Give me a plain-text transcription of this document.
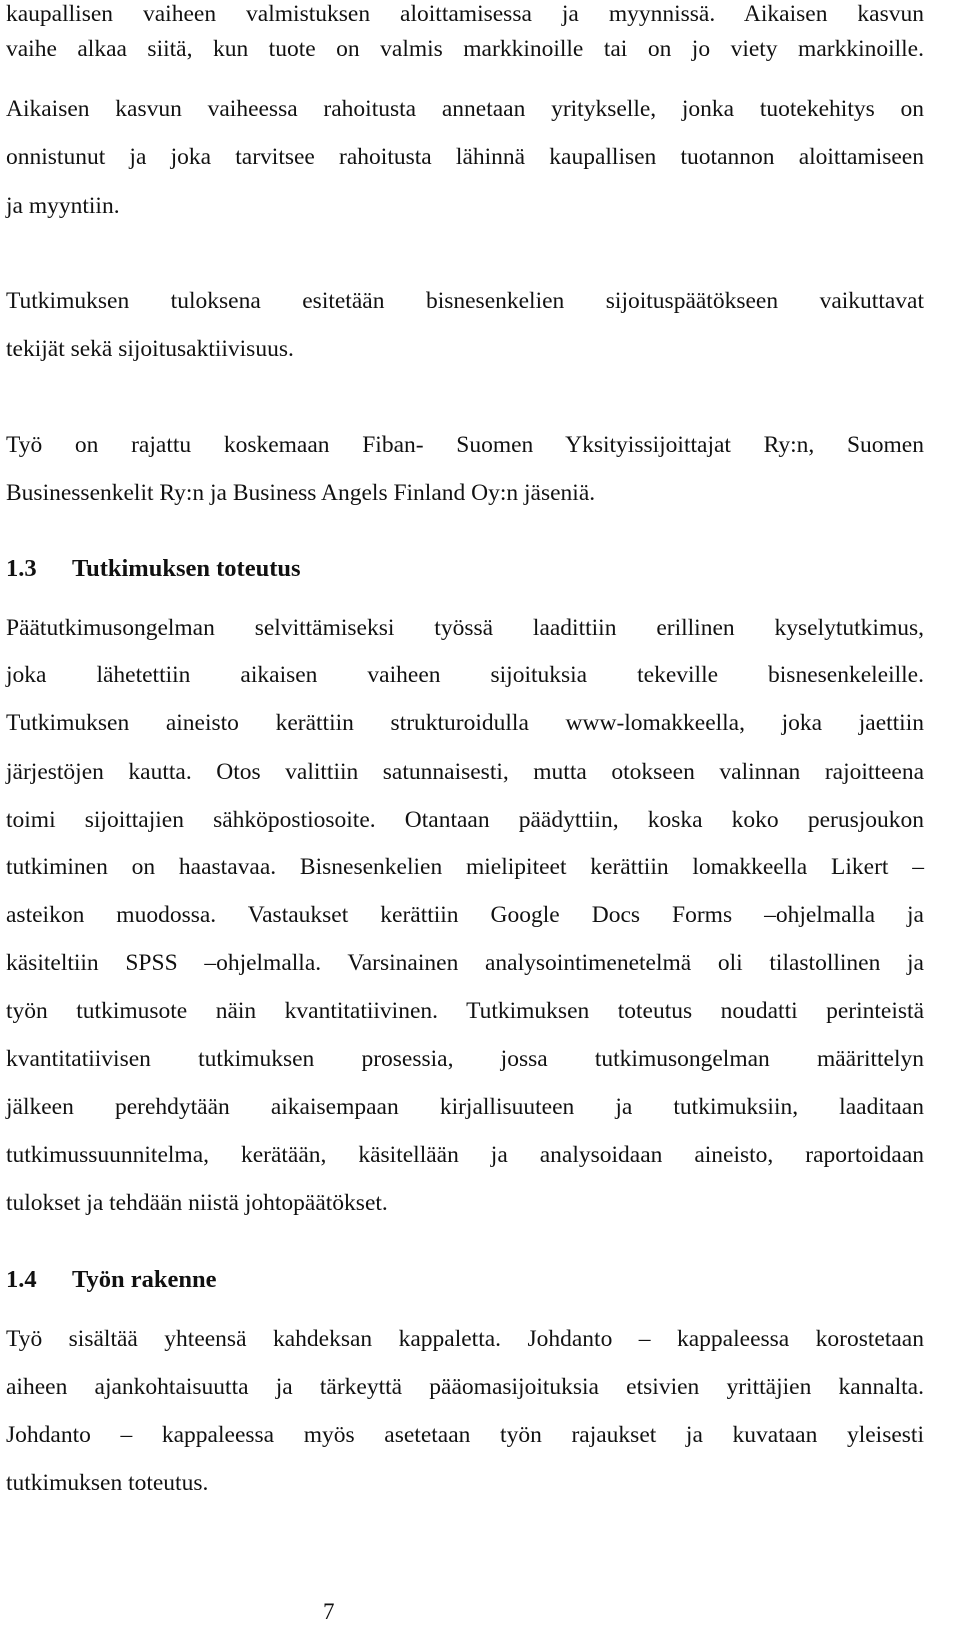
kaupallisen vaiheen valmistuksen aloittamisessa ja myynnissä. Aikaisen kasvun
vaihe alkaa siitä, kun tuote on valmis markkinoille tai on jo viety markkinoille.
Aikaisen kasvun vaiheessa rahoitusta annetaan yritykselle, jonka tuotekehitys on
onnistunut ja joka tarvitsee rahoitusta lähinnä kaupallisen tuotannon aloittamiseen
ja myyntiin.
Tutkimuksen tuloksena esitetään bisnesenkelien sijoituspäätökseen vaikuttavat
tekijät sekä sijoitusaktiivisuus.
Työ on rajattu koskemaan Fiban- Suomen Yksityissijoittajat Ry:n, Suomen
Businessenkelit Ry:n ja Business Angels Finland Oy:n jäseniä.
1.3 Tutkimuksen toteutus
Päätutkimusongelman selvittämiseksi työssä laadittiin erillinen kyselytutkimus,
joka lähetettiin aikaisen vaiheen sijoituksia tekeville bisnesenkeleille.
Tutkimuksen aineisto kerättiin strukturoidulla www-lomakkeella, joka jaettiin
järjestöjen kautta. Otos valittiin satunnaisesti, mutta otokseen valinnan rajoitteena
toimi sijoittajien sähköpostiosoite. Otantaan päädyttiin, koska koko perusjoukon
tutkiminen on haastavaa. Bisnesenkelien mielipiteet kerättiin lomakkeella Likert –
asteikon muodossa. Vastaukset kerättiin Google Docs Forms –ohjelmalla ja
käsiteltiin SPSS –ohjelmalla. Varsinainen analysointimenetelmä oli tilastollinen ja
työn tutkimusote näin kvantitatiivinen. Tutkimuksen toteutus noudatti perinteistä
kvantitatiivisen tutkimuksen prosessia, jossa tutkimusongelman määrittelyn
jälkeen perehdytään aikaisempaan kirjallisuuteen ja tutkimuksiin, laaditaan
tutkimussuunnitelma, kerätään, käsitellään ja analysoidaan aineisto, raportoidaan
tulokset ja tehdään niistä johtopäätökset.
1.4 Työn rakenne
Työ sisältää yhteensä kahdeksan kappaletta. Johdanto – kappaleessa korostetaan
aiheen ajankohtaisuutta ja tärkeyttä pääomasijoituksia etsivien yrittäjien kannalta.
Johdanto – kappaleessa myös asetetaan työn rajaukset ja kuvataan yleisesti
tutkimuksen toteutus.
7
